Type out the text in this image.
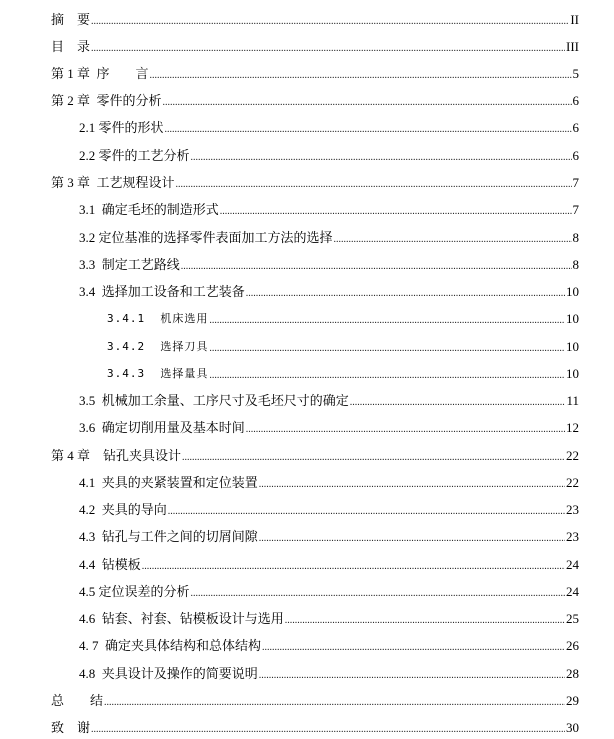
摘　要 .....	II
目　录 .....	III
第 1 章  序　　言 .....	5
第 2 章  零件的分析 .....	6
2.1 零件的形状 .....	6
2.2 零件的工艺分析 .....	6
第 3 章  工艺规程设计 .....	7
3.1  确定毛坯的制造形式 .....	7
3.2 定位基准的选择零件表面加工方法的选择 .....	8
3.3  制定工艺路线 .....	8
3.4  选择加工设备和工艺装备 .....	10
3.4.1  机床选用 .....	10
3.4.2  选择刀具 .....	10
3.4.3  选择量具 .....	10
3.5  机械加工余量、工序尺寸及毛坯尺寸的确定 .....	11
3.6  确定切削用量及基本时间 .....	12
第 4 章　钻孔夹具设计 .....	22
4.1  夹具的夹紧装置和定位装置 .....	22
4.2  夹具的导向 .....	23
4.3  钻孔与工件之间的切屑间隙 .....	23
4.4  钻模板 .....	24
4.5 定位误差的分析 .....	24
4.6  钻套、衬套、钻模板设计与选用 .....	25
4. 7  确定夹具体结构和总体结构 .....	26
4.8  夹具设计及操作的简要说明 .....	28
总　　结 .....	29
致　谢 .....	30
